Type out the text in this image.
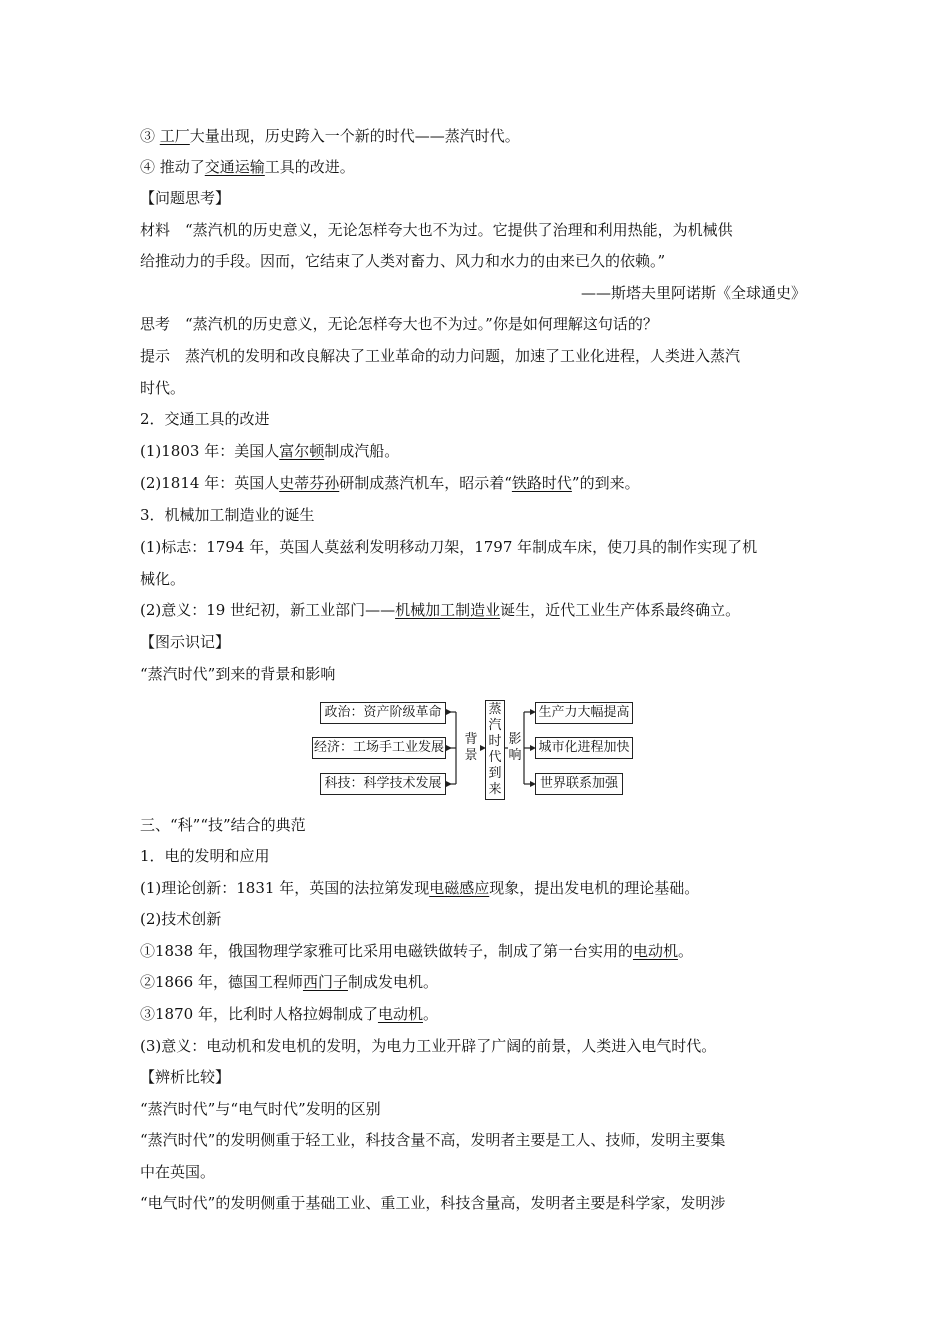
③ 工厂大量出现，历史跨入一个新的时代——蒸汽时代。
④ 推动了交通运输工具的改进。
【问题思考】
材料　“蒸汽机的历史意义，无论怎样夸大也不为过。它提供了治理和利用热能，为机械供
给推动力的手段。因而，它结束了人类对畜力、风力和水力的由来已久的依赖。”
——斯塔夫里阿诺斯《全球通史》
思考　“蒸汽机的历史意义，无论怎样夸大也不为过。”你是如何理解这句话的？
提示　蒸汽机的发明和改良解决了工业革命的动力问题，加速了工业化进程，人类进入蒸汽
时代。
2．交通工具的改进
(1)1803 年：美国人富尔顿制成汽船。
(2)1814 年：英国人史蒂芬孙研制成蒸汽机车，昭示着“铁路时代”的到来。
3．机械加工制造业的诞生
(1)标志：1794 年，英国人莫兹利发明移动刀架，1797 年制成车床，使刀具的制作实现了机
械化。
(2)意义：19 世纪初，新工业部门——机械加工制造业诞生，近代工业生产体系最终确立。
【图示识记】
“蒸汽时代”到来的背景和影响
政治：资产阶级革命
经济：工场手工业发展
科技：科学技术发展
背景
蒸汽时代到来
影响
生产力大幅提高
城市化进程加快
世界联系加强
三、“科”“技”结合的典范
1．电的发明和应用
(1)理论创新：1831 年，英国的法拉第发现电磁感应现象，提出发电机的理论基础。
(2)技术创新
①1838 年，俄国物理学家雅可比采用电磁铁做转子，制成了第一台实用的电动机。
②1866 年，德国工程师西门子制成发电机。
③1870 年，比利时人格拉姆制成了电动机。
(3)意义：电动机和发电机的发明，为电力工业开辟了广阔的前景，人类进入电气时代。
【辨析比较】
“蒸汽时代”与“电气时代”发明的区别
“蒸汽时代”的发明侧重于轻工业，科技含量不高，发明者主要是工人、技师，发明主要集
中在英国。
“电气时代”的发明侧重于基础工业、重工业，科技含量高，发明者主要是科学家，发明涉
